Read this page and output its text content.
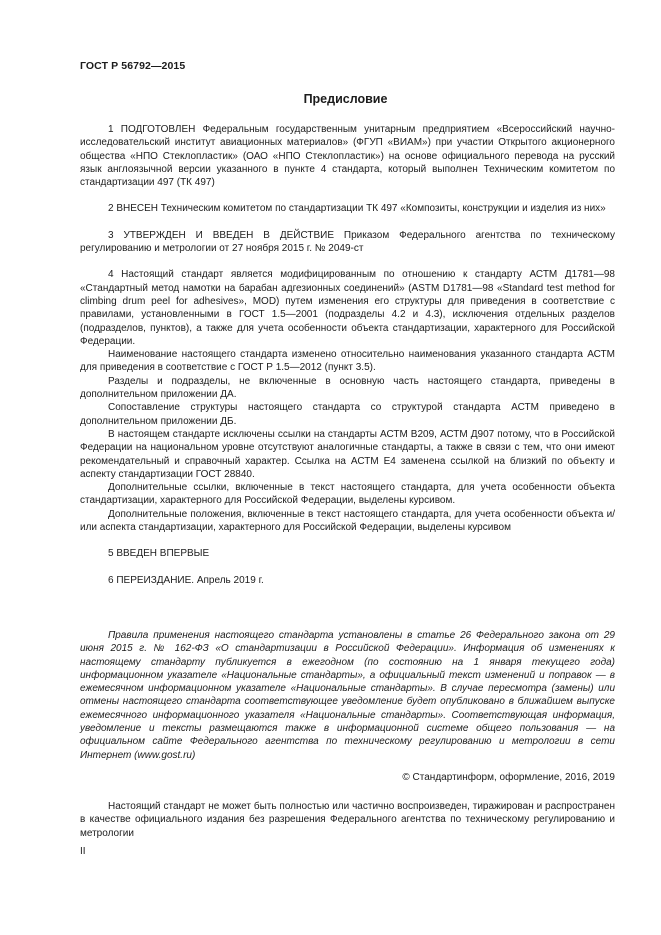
ГОСТ Р 56792—2015
Предисловие

1 ПОДГОТОВЛЕН Федеральным государственным унитарным предприятием «Всероссийский научно-исследовательский институт авиационных материалов» (ФГУП «ВИАМ») при участии Открытого акционерного общества «НПО Стеклопластик» (ОАО «НПО Стеклопластик») на основе официального перевода на русский язык англоязычной версии указанного в пункте 4 стандарта, который выполнен Техническим комитетом по стандартизации 497 (ТК 497)

2 ВНЕСЕН Техническим комитетом по стандартизации ТК 497 «Композиты, конструкции и изделия из них»

3 УТВЕРЖДЕН И ВВЕДЕН В ДЕЙСТВИЕ Приказом Федерального агентства по техническому регулированию и метрологии от 27 ноября 2015 г. № 2049-ст

4 Настоящий стандарт является модифицированным по отношению к стандарту АСТМ Д1781—98 «Стандартный метод намотки на барабан адгезионных соединений» (ASTM D1781—98 «Standard test method for climbing drum peel for adhesives», MOD) путем изменения его структуры для приведения в соответствие с правилами, установленными в ГОСТ 1.5—2001 (подразделы 4.2 и 4.3), исключения отдельных разделов (подразделов, пунктов), а также для учета особенности объекта стандартизации, характерного для Российской Федерации.

Наименование настоящего стандарта изменено относительно наименования указанного стандарта АСТМ для приведения в соответствие с ГОСТ Р 1.5—2012 (пункт 3.5).

Разделы и подразделы, не включенные в основную часть настоящего стандарта, приведены в дополнительном приложении ДА.

Сопоставление структуры настоящего стандарта со структурой стандарта АСТМ приведено в дополнительном приложении ДБ.

В настоящем стандарте исключены ссылки на стандарты АСТМ В209, АСТМ Д907 потому, что в Российской Федерации на национальном уровне отсутствуют аналогичные стандарты, а также в связи с тем, что они имеют рекомендательный и справочный характер. Ссылка на АСТМ Е4 заменена ссылкой на близкий по объекту и аспекту стандартизации ГОСТ 28840.

Дополнительные ссылки, включенные в текст настоящего стандарта, для учета особенности объекта стандартизации, характерного для Российской Федерации, выделены курсивом.

Дополнительные положения, включенные в текст настоящего стандарта, для учета особенности объекта и/или аспекта стандартизации, характерного для Российской Федерации, выделены курсивом

5 ВВЕДЕН ВПЕРВЫЕ

6 ПЕРЕИЗДАНИЕ. Апрель 2019 г.

Правила применения настоящего стандарта установлены в статье 26 Федерального закона от 29 июня 2015 г. № 162-ФЗ «О стандартизации в Российской Федерации». Информация об изменениях к настоящему стандарту публикуется в ежегодном (по состоянию на 1 января текущего года) информационном указателе «Национальные стандарты», а официальный текст изменений и поправок — в ежемесячном информационном указателе «Национальные стандарты». В случае пересмотра (замены) или отмены настоящего стандарта соответствующее уведомление будет опубликовано в ближайшем выпуске ежемесячного информационного указателя «Национальные стандарты». Соответствующая информация, уведомление и тексты размещаются также в информационной системе общего пользования — на официальном сайте Федерального агентства по техническому регулированию и метрологии в сети Интернет (www.gost.ru)

© Стандартинформ, оформление, 2016, 2019

Настоящий стандарт не может быть полностью или частично воспроизведен, тиражирован и распространен в качестве официального издания без разрешения Федерального агентства по техническому регулированию и метрологии

II
